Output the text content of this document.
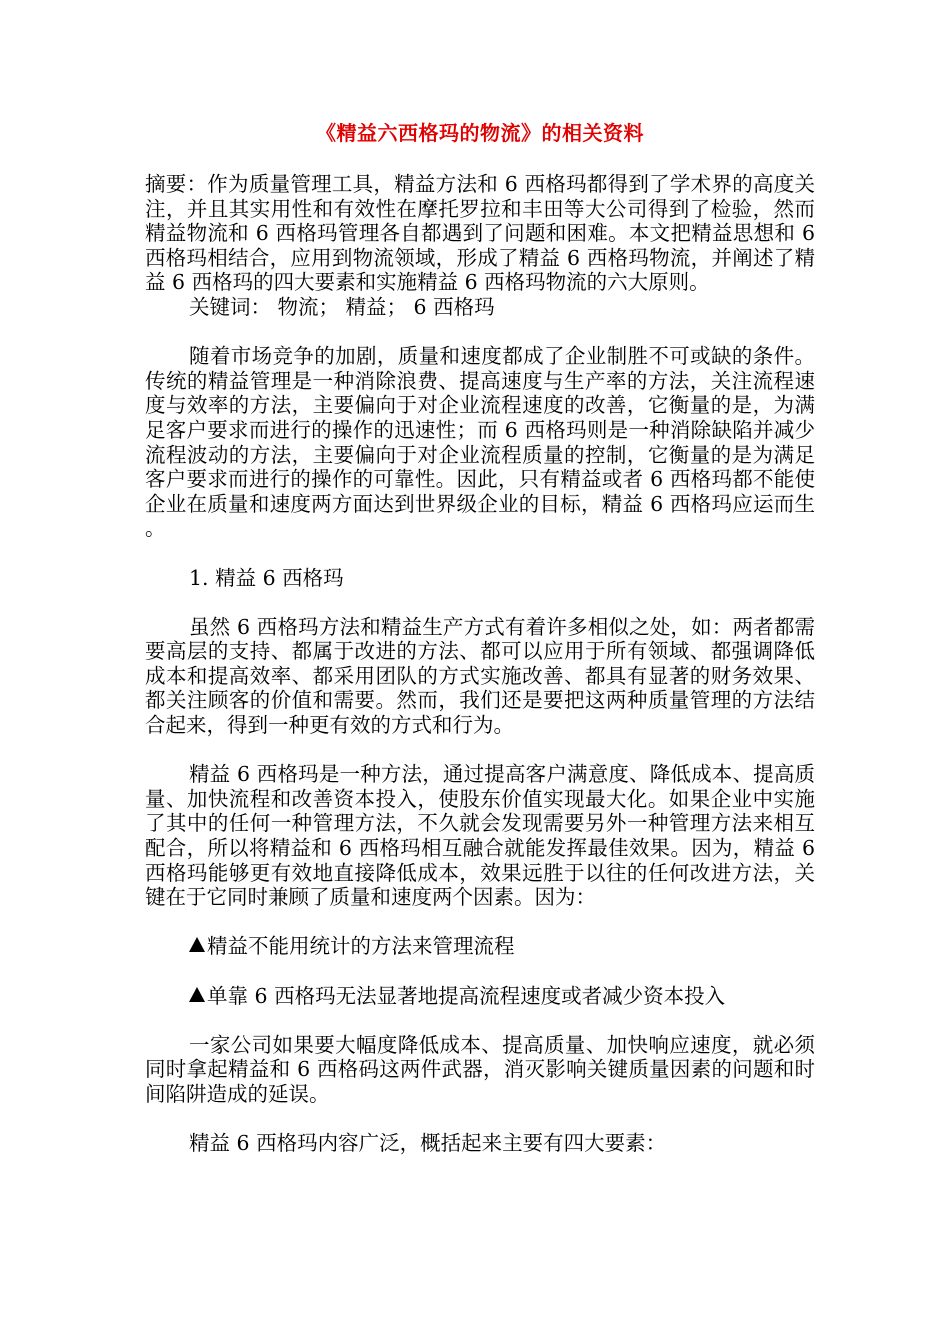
《精益六西格玛的物流》的相关资料

摘要：作为质量管理工具，精益方法和 6 西格玛都得到了学术界的高度关注，并且其实用性和有效性在摩托罗拉和丰田等大公司得到了检验，然而精益物流和 6 西格玛管理各自都遇到了问题和困难。本文把精益思想和 6 西格玛相结合，应用到物流领域，形成了精益 6 西格玛物流，并阐述了精益 6 西格玛的四大要素和实施精益 6 西格玛物流的六大原则。

关键词： 物流； 精益； 6 西格玛

随着市场竞争的加剧，质量和速度都成了企业制胜不可或缺的条件。传统的精益管理是一种消除浪费、提高速度与生产率的方法，关注流程速度与效率的方法，主要偏向于对企业流程速度的改善，它衡量的是，为满足客户要求而进行的操作的迅速性；而 6 西格玛则是一种消除缺陷并减少流程波动的方法，主要偏向于对企业流程质量的控制，它衡量的是为满足客户要求而进行的操作的可靠性。因此，只有精益或者 6 西格玛都不能使企业在质量和速度两方面达到世界级企业的目标，精益 6 西格玛应运而生。

1. 精益 6 西格玛

虽然 6 西格玛方法和精益生产方式有着许多相似之处，如：两者都需要高层的支持、都属于改进的方法、都可以应用于所有领域、都强调降低成本和提高效率、都采用团队的方式实施改善、都具有显著的财务效果、都关注顾客的价值和需要。然而，我们还是要把这两种质量管理的方法结合起来，得到一种更有效的方式和行为。

精益 6 西格玛是一种方法，通过提高客户满意度、降低成本、提高质量、加快流程和改善资本投入，使股东价值实现最大化。如果企业中实施了其中的任何一种管理方法，不久就会发现需要另外一种管理方法来相互配合，所以将精益和 6 西格玛相互融合就能发挥最佳效果。因为，精益 6 西格玛能够更有效地直接降低成本，效果远胜于以往的任何改进方法，关键在于它同时兼顾了质量和速度两个因素。因为：

精益不能用统计的方法来管理流程

单靠 6 西格玛无法显著地提高流程速度或者减少资本投入

一家公司如果要大幅度降低成本、提高质量、加快响应速度，就必须同时拿起精益和 6 西格码这两件武器，消灭影响关键质量因素的问题和时间陷阱造成的延误。

精益 6 西格玛内容广泛，概括起来主要有四大要素：
